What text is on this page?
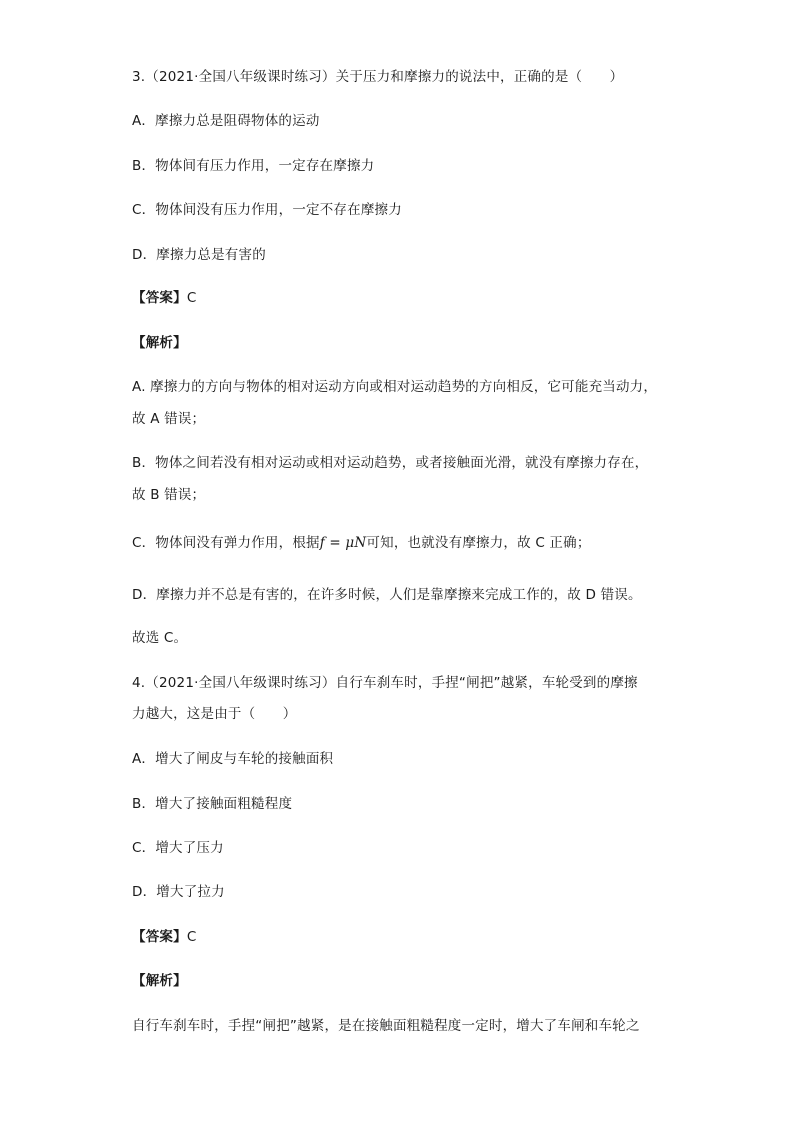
3.（2021·全国八年级课时练习）关于压力和摩擦力的说法中，正确的是（　　）
A．摩擦力总是阻碍物体的运动
B．物体间有压力作用，一定存在摩擦力
C．物体间没有压力作用，一定不存在摩擦力
D．摩擦力总是有害的
【答案】C
【解析】
A. 摩擦力的方向与物体的相对运动方向或相对运动趋势的方向相反，它可能充当动力，
故 A 错误；
B．物体之间若没有相对运动或相对运动趋势，或者接触面光滑，就没有摩擦力存在，
故 B 错误；
C．物体间没有弹力作用，根据f = μN可知，也就没有摩擦力，故 C 正确；
D．摩擦力并不总是有害的，在许多时候，人们是靠摩擦来完成工作的，故 D 错误。
故选 C。
4.（2021·全国八年级课时练习）自行车刹车时，手捏“闸把”越紧，车轮受到的摩擦
力越大，这是由于（　　）
A．增大了闸皮与车轮的接触面积
B．增大了接触面粗糙程度
C．增大了压力
D．增大了拉力
【答案】C
【解析】
自行车刹车时，手捏“闸把”越紧，是在接触面粗糙程度一定时，增大了车闸和车轮之
